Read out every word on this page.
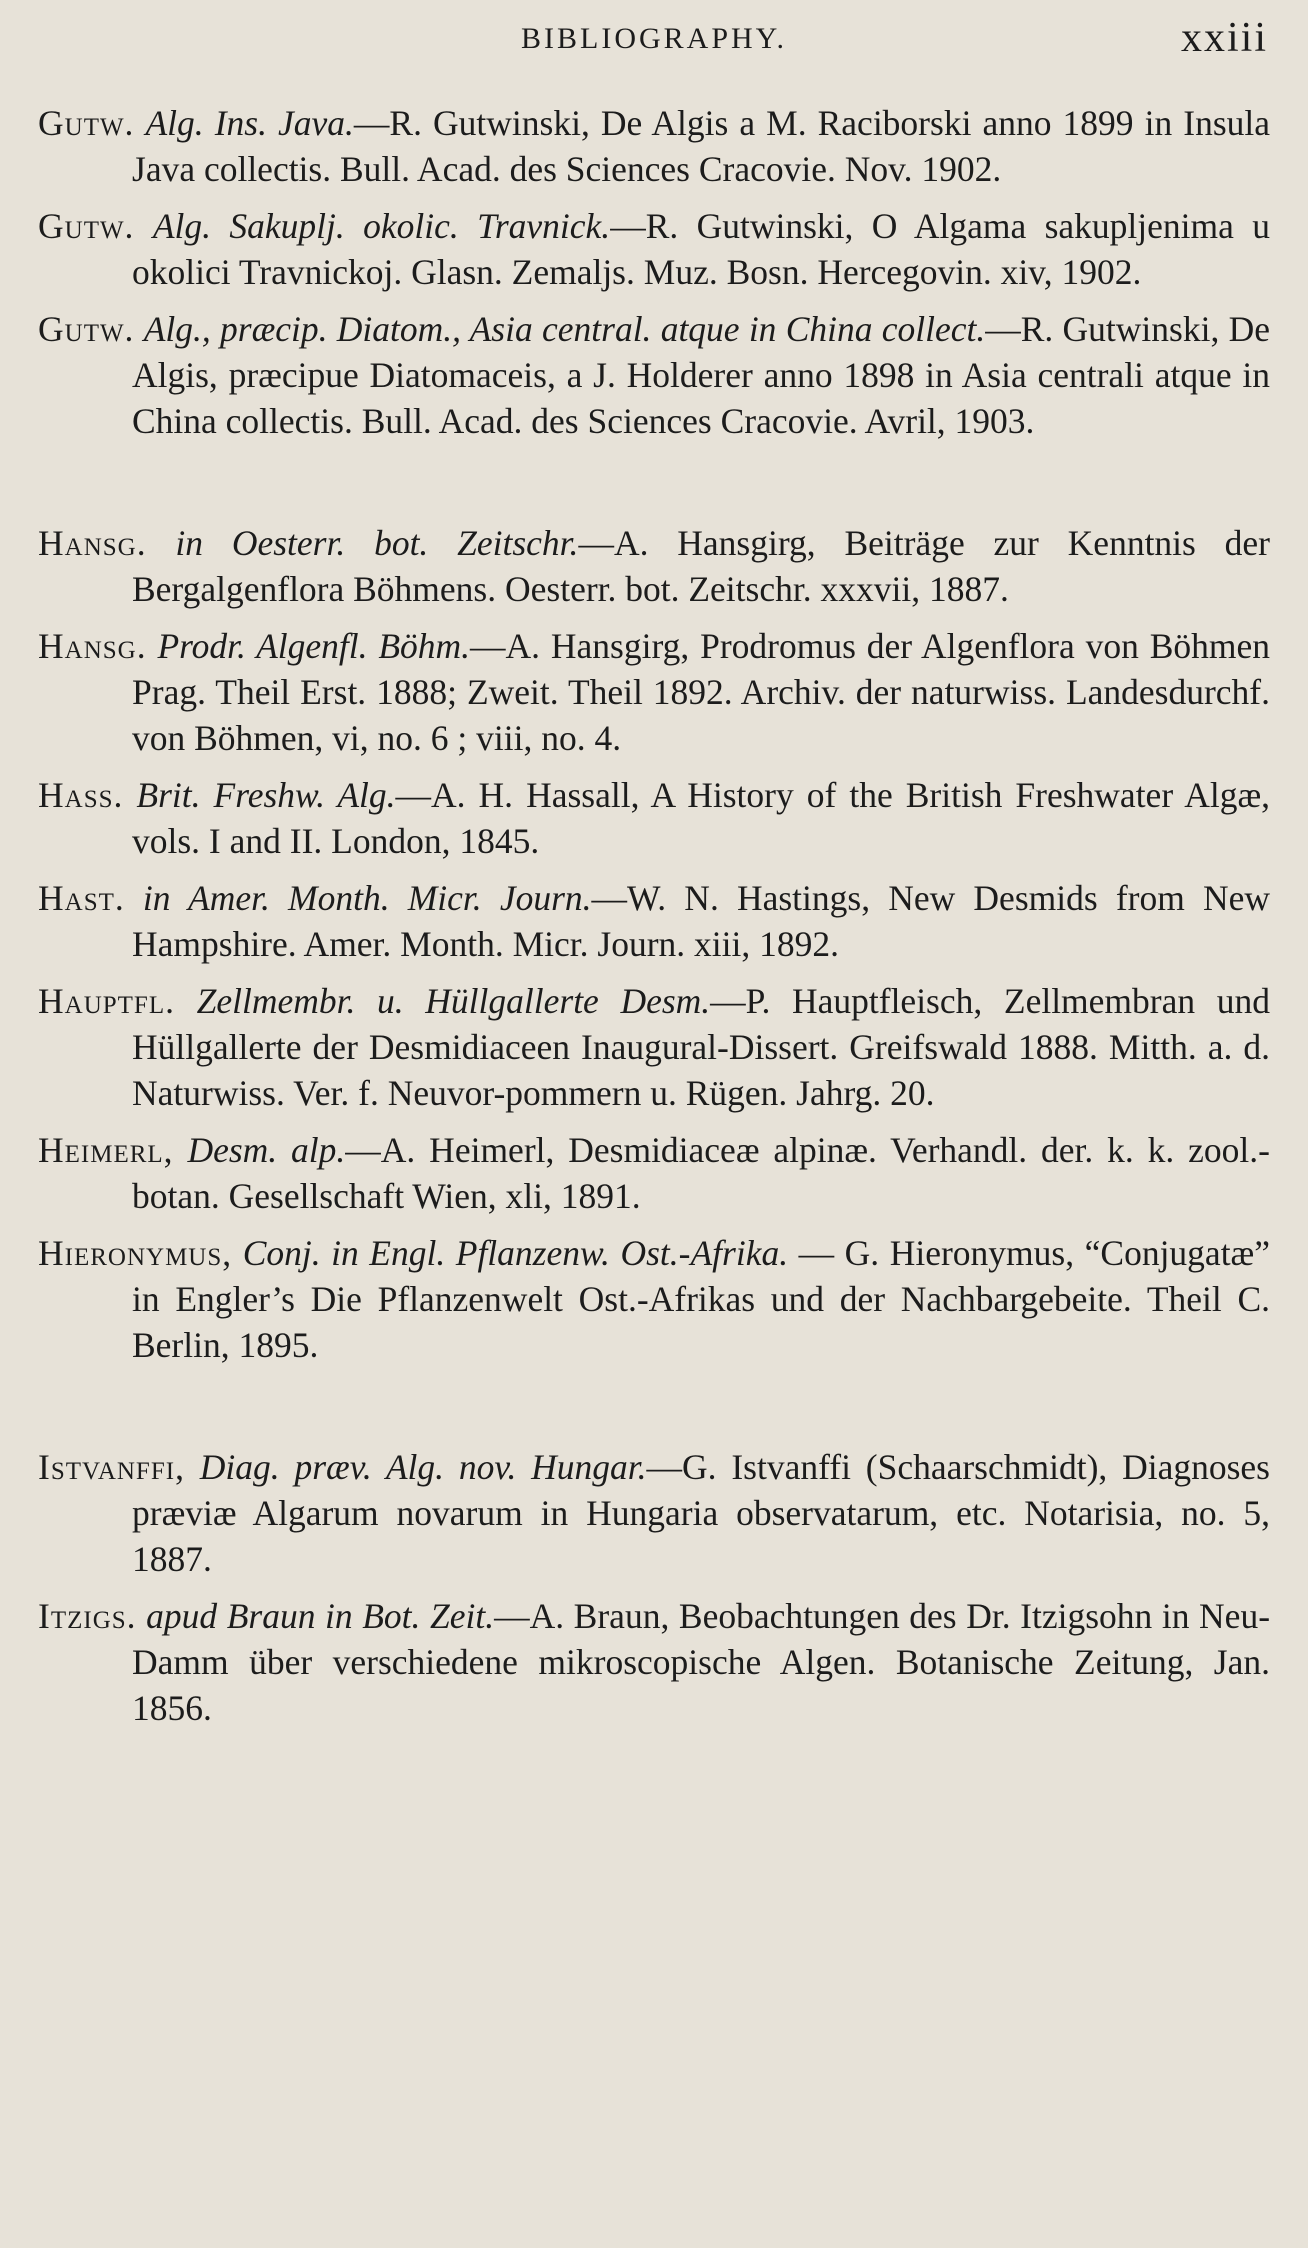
BIBLIOGRAPHY.	xxiii

Gutw. Alg. Ins. Java.—R. Gutwinski, De Algis a M. Raciborski anno 1899 in Insula Java collectis. Bull. Acad. des Sciences Cracovie. Nov. 1902.

Gutw. Alg. Sakuplj. okolic. Travnick.—R. Gutwinski, O Algama sakupljenima u okolici Travnickoj. Glasn. Zemaljs. Muz. Bosn. Hercegovin. xiv, 1902.

Gutw. Alg., præcip. Diatom., Asia central. atque in China collect.—R. Gutwinski, De Algis, præcipue Diatomaceis, a J. Holderer anno 1898 in Asia centrali atque in China collectis. Bull. Acad. des Sciences Cracovie. Avril, 1903.

Hansg. in Oesterr. bot. Zeitschr.—A. Hansgirg, Beiträge zur Kenntnis der Bergalgenflora Böhmens. Oesterr. bot. Zeitschr. xxxvii, 1887.

Hansg. Prodr. Algenfl. Böhm.—A. Hansgirg, Prodromus der Algenflora von Böhmen Prag. Theil Erst. 1888; Zweit. Theil 1892. Archiv. der naturwiss. Landesdurchf. von Böhmen, vi, no. 6 ; viii, no. 4.

Hass. Brit. Freshw. Alg.—A. H. Hassall, A History of the British Freshwater Algæ, vols. I and II. London, 1845.

Hast. in Amer. Month. Micr. Journ.—W. N. Hastings, New Desmids from New Hampshire. Amer. Month. Micr. Journ. xiii, 1892.

Hauptfl. Zellmembr. u. Hüllgallerte Desm.—P. Hauptfleisch, Zellmembran und Hüllgallerte der Desmidiaceen Inaugural-Dissert. Greifswald 1888. Mitth. a. d. Naturwiss. Ver. f. Neuvor-pommern u. Rügen. Jahrg. 20.

Heimerl, Desm. alp.—A. Heimerl, Desmidiaceæ alpinæ. Verhandl. der. k. k. zool.-botan. Gesellschaft Wien, xli, 1891.

Hieronymus, Conj. in Engl. Pflanzenw. Ost.-Afrika. — G. Hieronymus, “Conjugatæ” in Engler’s Die Pflanzenwelt Ost.-Afrikas und der Nachbargebeite. Theil C. Berlin, 1895.

Istvanffi, Diag. præv. Alg. nov. Hungar.—G. Istvanffi (Schaarschmidt), Diagnoses præviæ Algarum novarum in Hungaria observatarum, etc. Notarisia, no. 5, 1887.

Itzigs. apud Braun in Bot. Zeit.—A. Braun, Beobachtungen des Dr. Itzigsohn in Neu-Damm über verschiedene mikroscopische Algen. Botanische Zeitung, Jan. 1856.
